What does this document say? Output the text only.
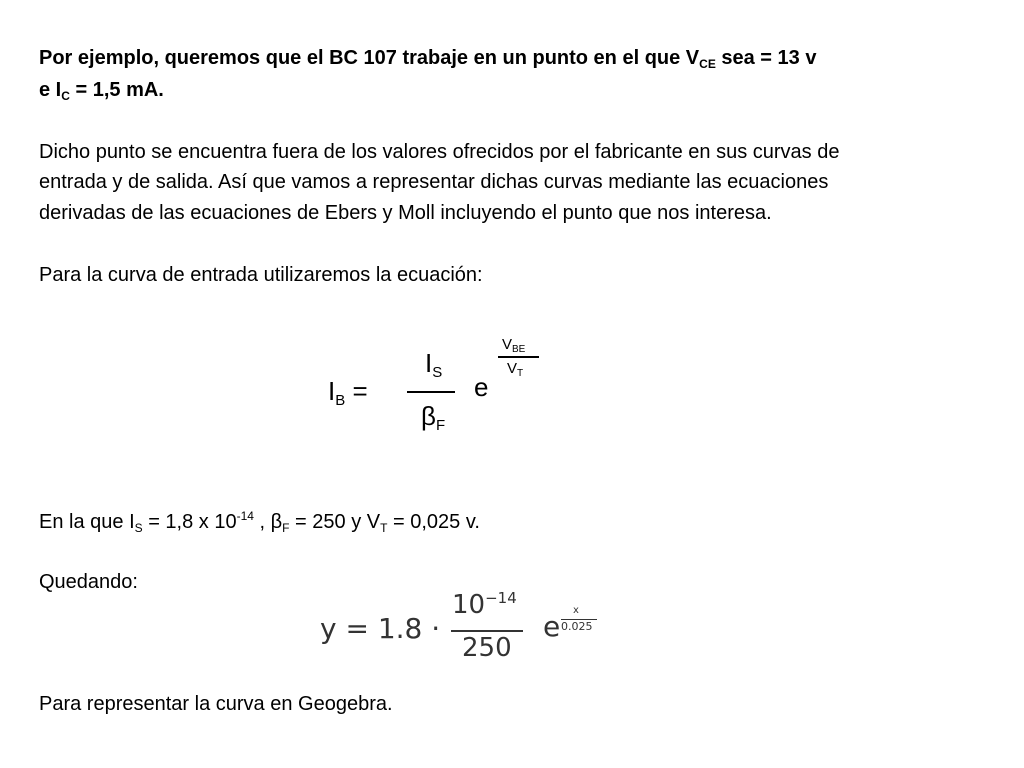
Por ejemplo, queremos que el BC 107 trabaje en un punto en el que $V_{CE}$ sea = 13 v
e $I_C = 1,5$ mA.
Dicho punto se encuentra fuera de los valores ofrecidos por el fabricante en sus curvas de
entrada y de salida. Así que vamos a representar dichas curvas mediante las ecuaciones
derivadas de las ecuaciones de Ebers y Moll incluyendo el punto que nos interesa.
Para la curva de entrada utilizaremos la ecuación:
$I_B$ =
$I_S$
$\beta_F$
e
$V_{BE}$
$V_T$
En la que $I_S = 1,8$ x $10^{-14}$ , $\beta_F = 250$ y $V_T = 0,025$ v.
Quedando:
y = 1.8 ·
$10^{-14}$
250
e x
0.025
Para representar la curva en Geogebra.
